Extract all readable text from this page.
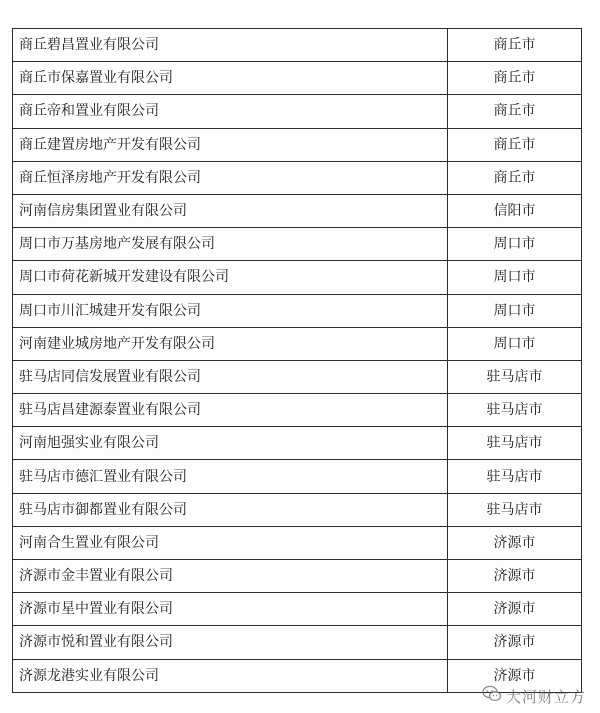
商丘碧昌置业有限公司	商丘市
商丘市保嘉置业有限公司	商丘市
商丘帝和置业有限公司	商丘市
商丘建置房地产开发有限公司	商丘市
商丘恒泽房地产开发有限公司	商丘市
河南信房集团置业有限公司	信阳市
周口市万基房地产发展有限公司	周口市
周口市荷花新城开发建设有限公司	周口市
周口市川汇城建开发有限公司	周口市
河南建业城房地产开发有限公司	周口市
驻马店同信发展置业有限公司	驻马店市
驻马店昌建源泰置业有限公司	驻马店市
河南旭强实业有限公司	驻马店市
驻马店市德汇置业有限公司	驻马店市
驻马店市御都置业有限公司	驻马店市
河南合生置业有限公司	济源市
济源市金丰置业有限公司	济源市
济源市星中置业有限公司	济源市
济源市悦和置业有限公司	济源市
济源龙港实业有限公司	济源市
大河财立方
